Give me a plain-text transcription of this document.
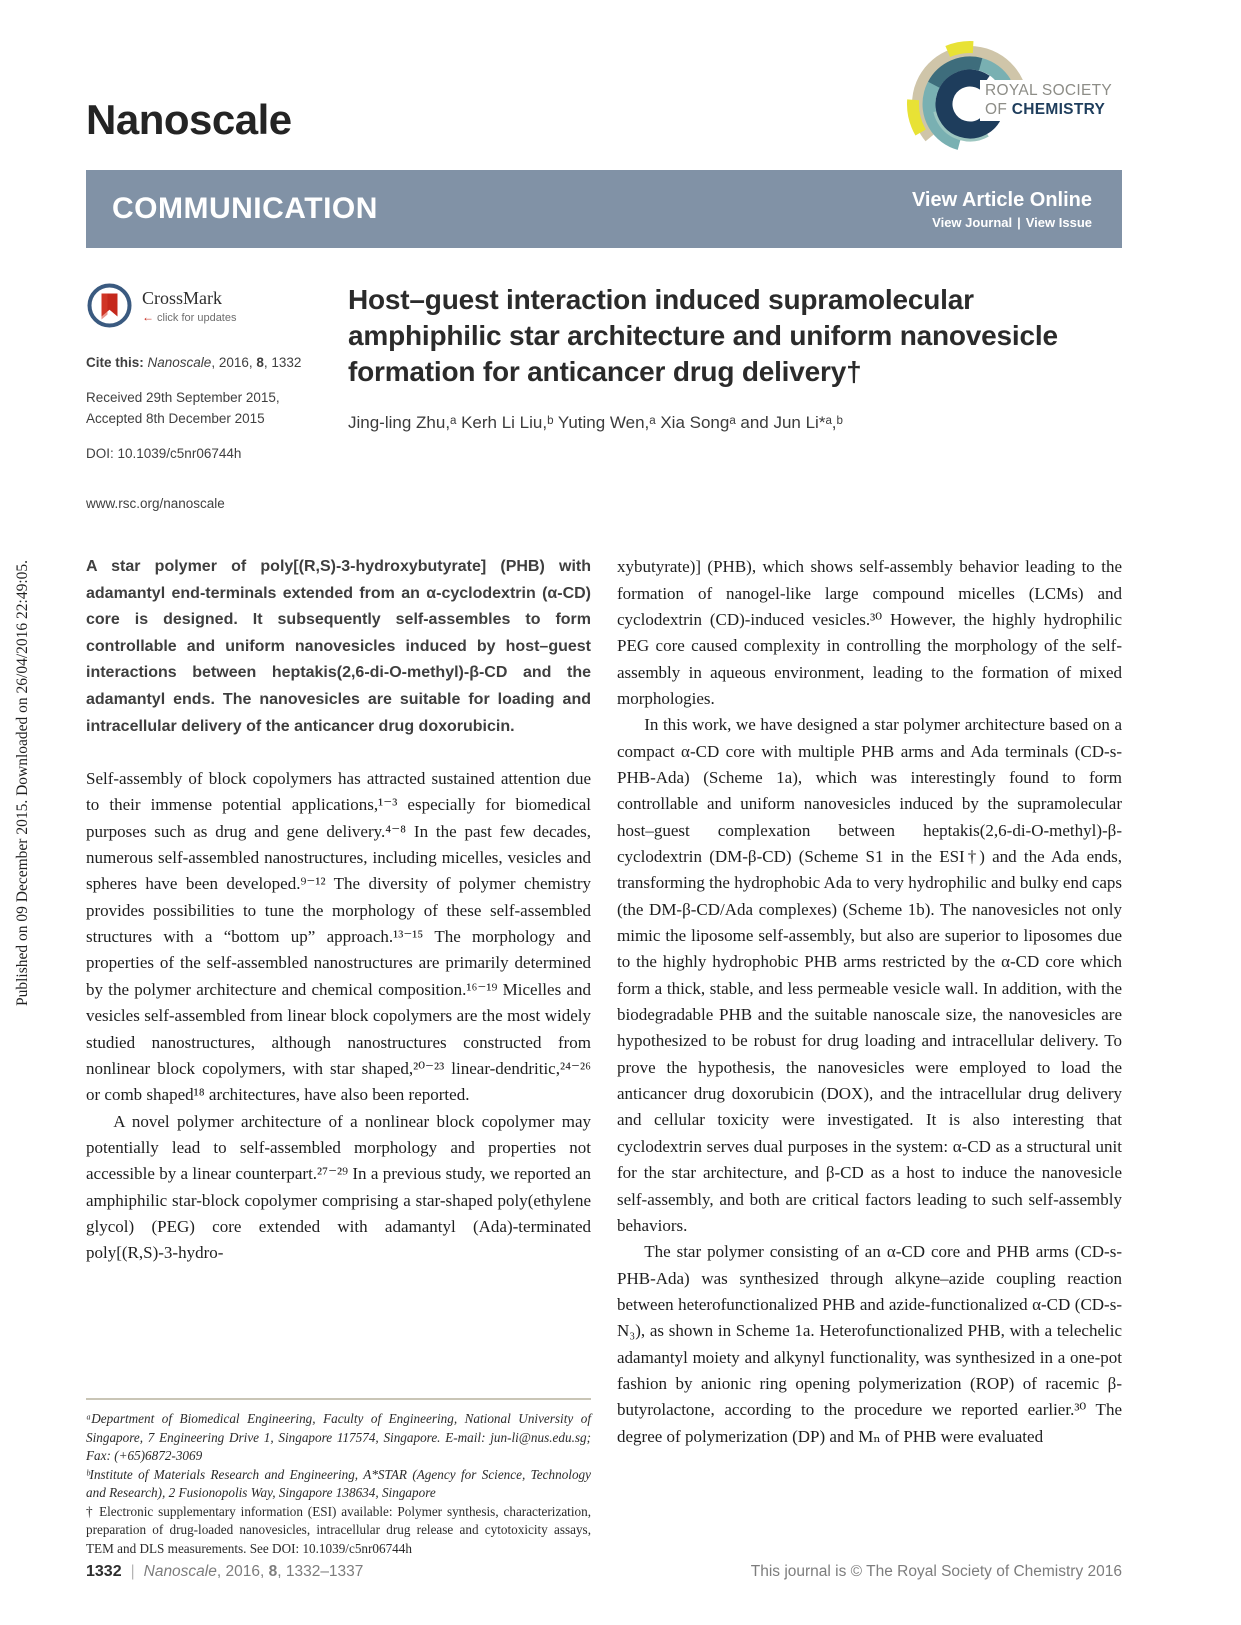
Published on 09 December 2015. Downloaded on 26/04/2016 22:49:05.
Nanoscale
ROYAL SOCIETY
OF CHEMISTRY
COMMUNICATION	View Article Online
View Journal | View Issue
CrossMark
← click for updates

Cite this: Nanoscale, 2016, 8, 1332

Received 29th September 2015,

Accepted 8th December 2015

DOI: 10.1039/c5nr06744h

www.rsc.org/nanoscale

Host–guest interaction induced supramolecular amphiphilic star architecture and uniform nanovesicle formation for anticancer drug delivery†

Jing-ling Zhu,ᵃ Kerh Li Liu,ᵇ Yuting Wen,ᵃ Xia Songᵃ and Jun Li*ᵃ,ᵇ

A star polymer of poly[(R,S)-3-hydroxybutyrate] (PHB) with adamantyl end-terminals extended from an α-cyclodextrin (α-CD) core is designed. It subsequently self-assembles to form controllable and uniform nanovesicles induced by host–guest interactions between heptakis(2,6-di-O-methyl)-β-CD and the adamantyl ends. The nanovesicles are suitable for loading and intracellular delivery of the anticancer drug doxorubicin.

Self-assembly of block copolymers has attracted sustained attention due to their immense potential applications,¹⁻³ especially for biomedical purposes such as drug and gene delivery.⁴⁻⁸ In the past few decades, numerous self-assembled nanostructures, including micelles, vesicles and spheres have been developed.⁹⁻¹² The diversity of polymer chemistry provides possibilities to tune the morphology of these self-assembled structures with a “bottom up” approach.¹³⁻¹⁵ The morphology and properties of the self-assembled nanostructures are primarily determined by the polymer architecture and chemical composition.¹⁶⁻¹⁹ Micelles and vesicles self-assembled from linear block copolymers are the most widely studied nanostructures, although nanostructures constructed from nonlinear block copolymers, with star shaped,²⁰⁻²³ linear-dendritic,²⁴⁻²⁶ or comb shaped¹⁸ architectures, have also been reported.

A novel polymer architecture of a nonlinear block copolymer may potentially lead to self-assembled morphology and properties not accessible by a linear counterpart.²⁷⁻²⁹ In a previous study, we reported an amphiphilic star-block copolymer comprising a star-shaped poly(ethylene glycol) (PEG) core extended with adamantyl (Ada)-terminated poly[(R,S)-3-hydro-

ᵃDepartment of Biomedical Engineering, Faculty of Engineering, National University of Singapore, 7 Engineering Drive 1, Singapore 117574, Singapore. E-mail: jun-li@nus.edu.sg; Fax: (+65)6872-3069

ᵇInstitute of Materials Research and Engineering, A*STAR (Agency for Science, Technology and Research), 2 Fusionopolis Way, Singapore 138634, Singapore

† Electronic supplementary information (ESI) available: Polymer synthesis, characterization, preparation of drug-loaded nanovesicles, intracellular drug release and cytotoxicity assays, TEM and DLS measurements. See DOI: 10.1039/c5nr06744h

xybutyrate)] (PHB), which shows self-assembly behavior leading to the formation of nanogel-like large compound micelles (LCMs) and cyclodextrin (CD)-induced vesicles.³⁰ However, the highly hydrophilic PEG core caused complexity in controlling the morphology of the self-assembly in aqueous environment, leading to the formation of mixed morphologies.

In this work, we have designed a star polymer architecture based on a compact α-CD core with multiple PHB arms and Ada terminals (CD-s-PHB-Ada) (Scheme 1a), which was interestingly found to form controllable and uniform nanovesicles induced by the supramolecular host–guest complexation between heptakis(2,6-di-O-methyl)-β-cyclodextrin (DM-β-CD) (Scheme S1 in the ESI†) and the Ada ends, transforming the hydrophobic Ada to very hydrophilic and bulky end caps (the DM-β-CD/Ada complexes) (Scheme 1b). The nanovesicles not only mimic the liposome self-assembly, but also are superior to liposomes due to the highly hydrophobic PHB arms restricted by the α-CD core which form a thick, stable, and less permeable vesicle wall. In addition, with the biodegradable PHB and the suitable nanoscale size, the nanovesicles are hypothesized to be robust for drug loading and intracellular delivery. To prove the hypothesis, the nanovesicles were employed to load the anticancer drug doxorubicin (DOX), and the intracellular drug delivery and cellular toxicity were investigated. It is also interesting that cyclodextrin serves dual purposes in the system: α-CD as a structural unit for the star architecture, and β-CD as a host to induce the nanovesicle self-assembly, and both are critical factors leading to such self-assembly behaviors.

The star polymer consisting of an α-CD core and PHB arms (CD-s-PHB-Ada) was synthesized through alkyne–azide coupling reaction between heterofunctionalized PHB and azide-functionalized α-CD (CD-s-N₃), as shown in Scheme 1a. Heterofunctionalized PHB, with a telechelic adamantyl moiety and alkynyl functionality, was synthesized in a one-pot fashion by anionic ring opening polymerization (ROP) of racemic β-butyrolactone, according to the procedure we reported earlier.³⁰ The degree of polymerization (DP) and Mₙ of PHB were evaluated

1332 | Nanoscale, 2016, 8, 1332–1337	This journal is © The Royal Society of Chemistry 2016
